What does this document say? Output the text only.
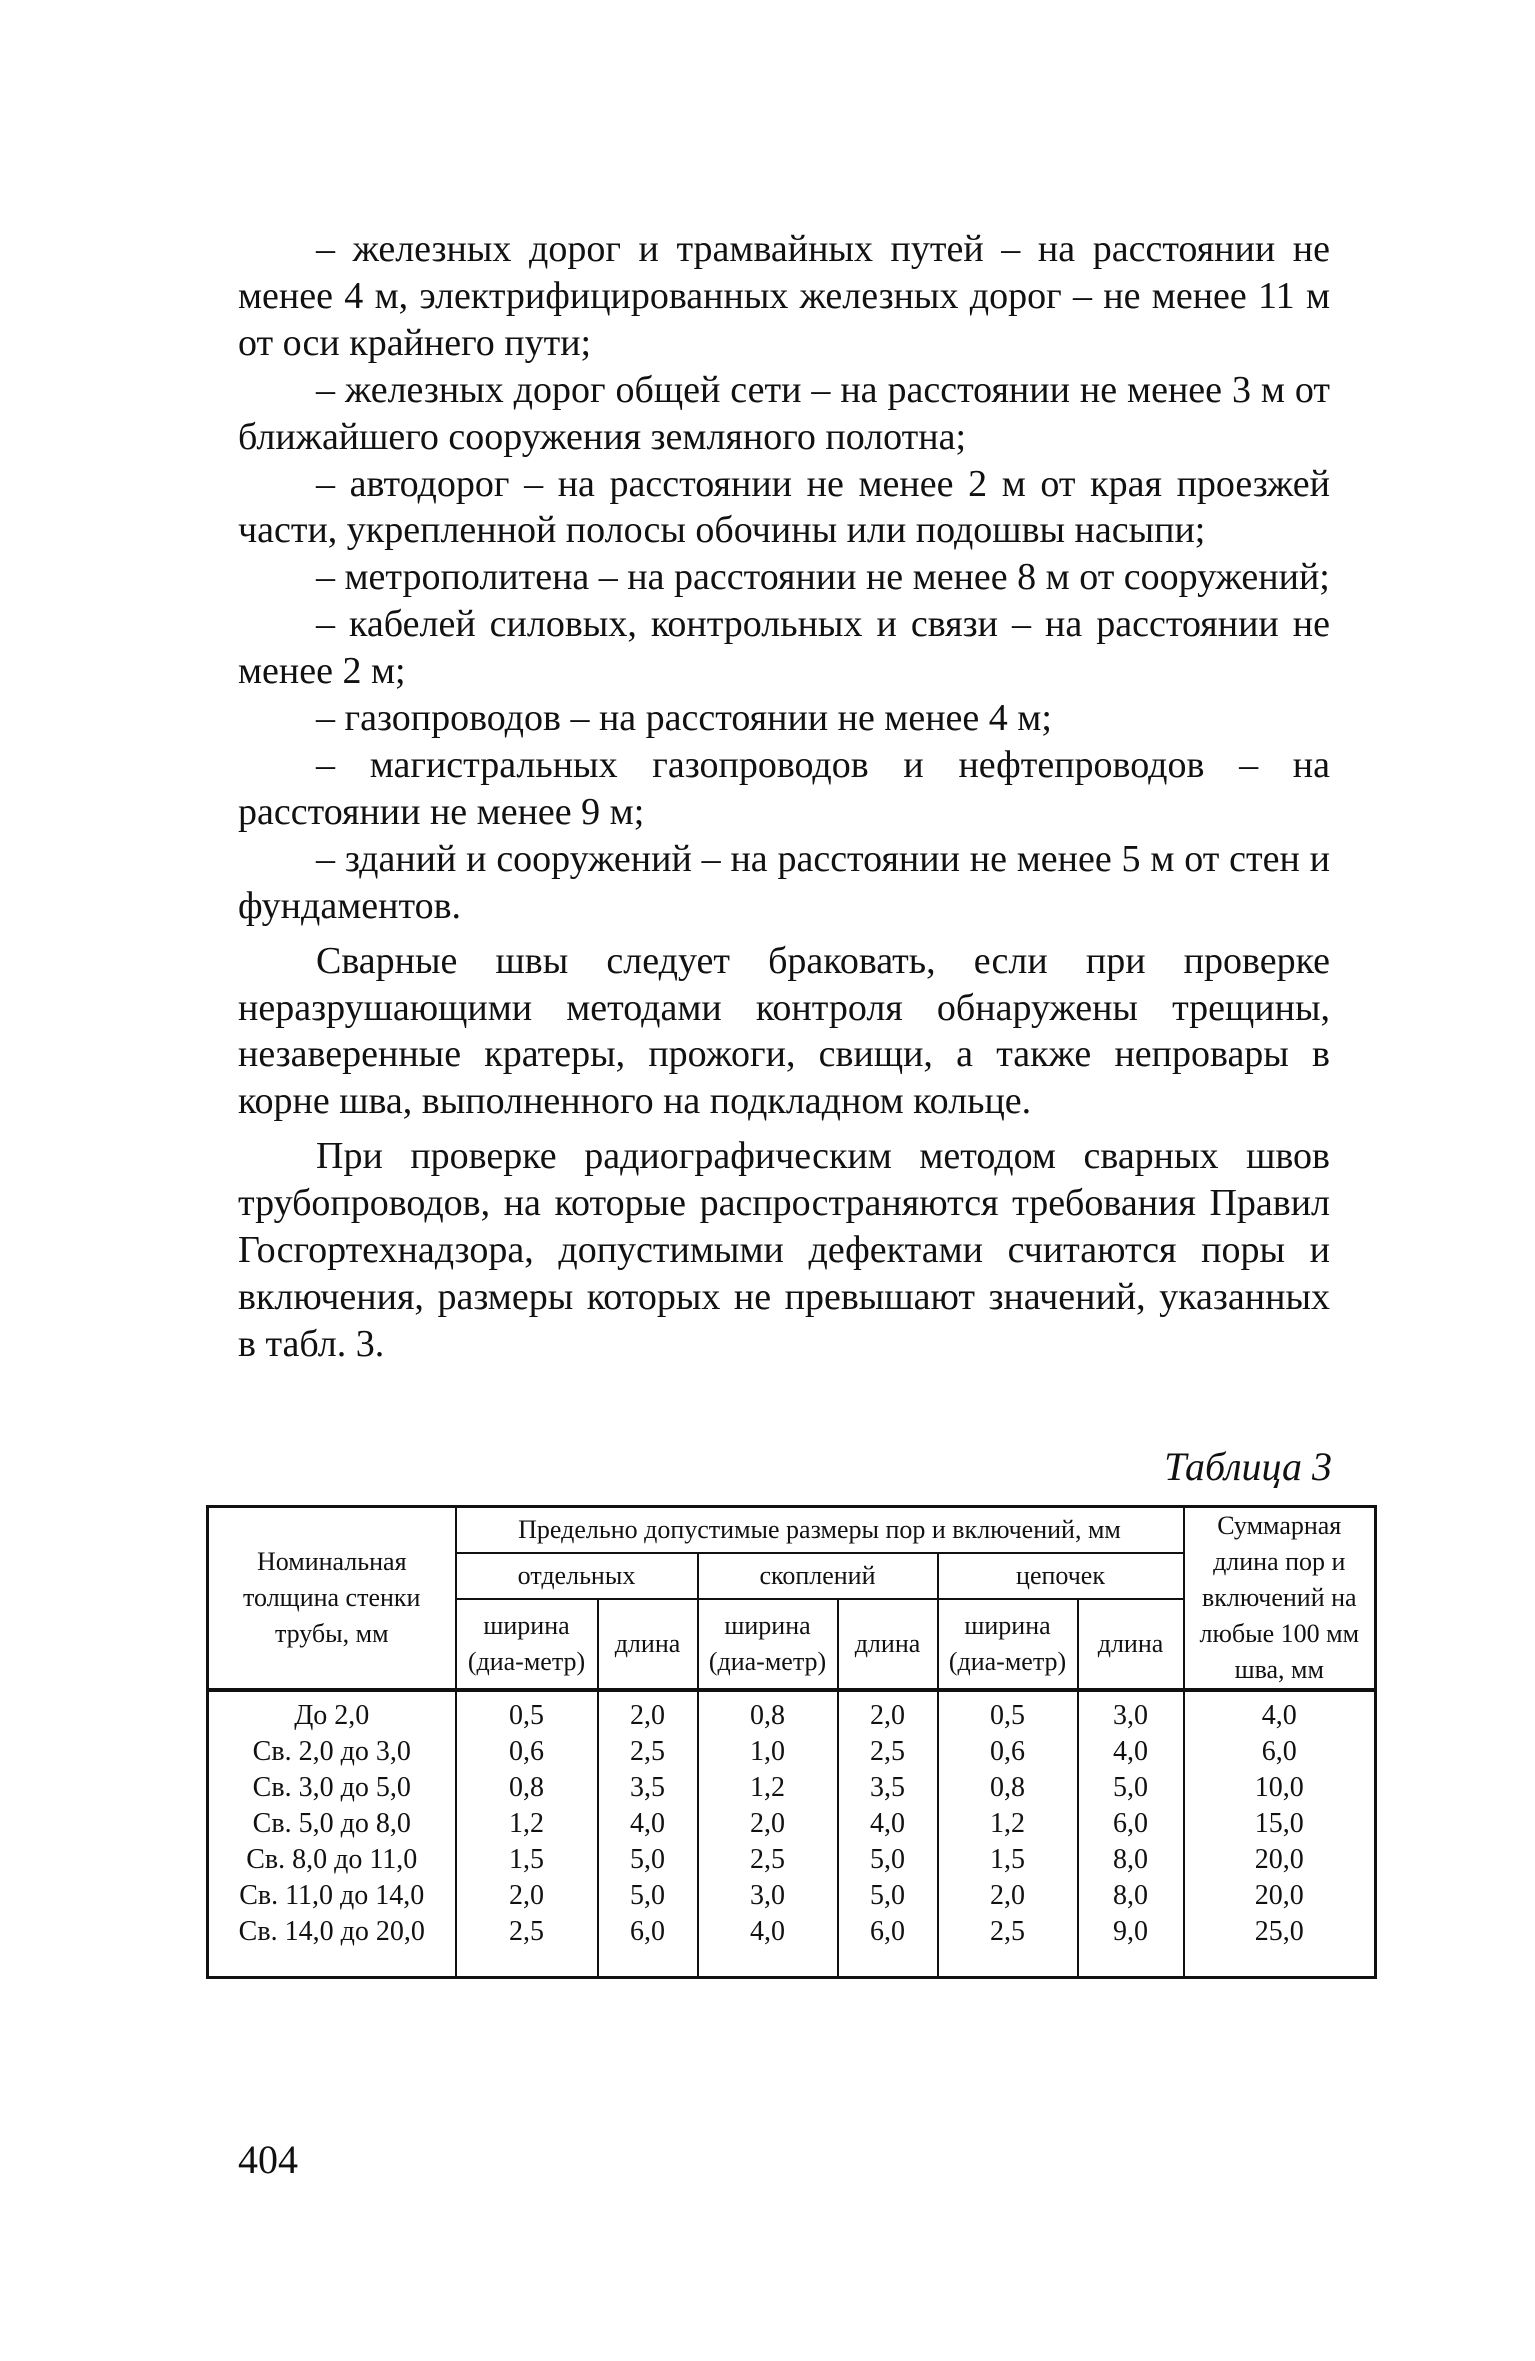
– железных дорог и трамвайных путей – на расстоянии не менее 4 м, электрифицированных железных дорог – не менее 11 м от оси крайнего пути;

– железных дорог общей сети – на расстоянии не менее 3 м от ближайшего сооружения земляного полотна;

– автодорог – на расстоянии не менее 2 м от края проезжей части, укрепленной полосы обочины или подошвы насыпи;

– метрополитена – на расстоянии не менее 8 м от сооружений;

– кабелей силовых, контрольных и связи – на расстоянии не менее 2 м;

– газопроводов – на расстоянии не менее 4 м;

– магистральных газопроводов и нефтепроводов – на расстоянии не менее 9 м;

– зданий и сооружений – на расстоянии не менее 5 м от стен и фундаментов.

Сварные швы следует браковать, если при проверке неразрушающими методами контроля обнаружены трещины, незаверенные кратеры, прожоги, свищи, а также непровары в корне шва, выполненного на подкладном кольце.

При проверке радиографическим методом сварных швов трубопроводов, на которые распространяются требования Правил Госгортехнадзора, допустимыми дефектами считаются поры и включения, размеры которых не превышают значений, указанных в табл. 3.

Таблица 3
Номинальная толщина стенки трубы, мм	Предельно допустимые размеры пор и включений, мм						Суммарная длина пор и включений на любые 100 мм шва, мм
	отдельных		скоплений		цепочек		
	ширина (диа-метр)	длина	ширина (диа-метр)	длина	ширина (диа-метр)	длина	
До 2,0	0,5	2,0	0,8	2,0	0,5	3,0	4,0
Св. 2,0 до 3,0	0,6	2,5	1,0	2,5	0,6	4,0	6,0
Св. 3,0 до 5,0	0,8	3,5	1,2	3,5	0,8	5,0	10,0
Св. 5,0 до 8,0	1,2	4,0	2,0	4,0	1,2	6,0	15,0
Св. 8,0 до 11,0	1,5	5,0	2,5	5,0	1,5	8,0	20,0
Св. 11,0 до 14,0	2,0	5,0	3,0	5,0	2,0	8,0	20,0
Св. 14,0 до 20,0	2,5	6,0	4,0	6,0	2,5	9,0	25,0
404
